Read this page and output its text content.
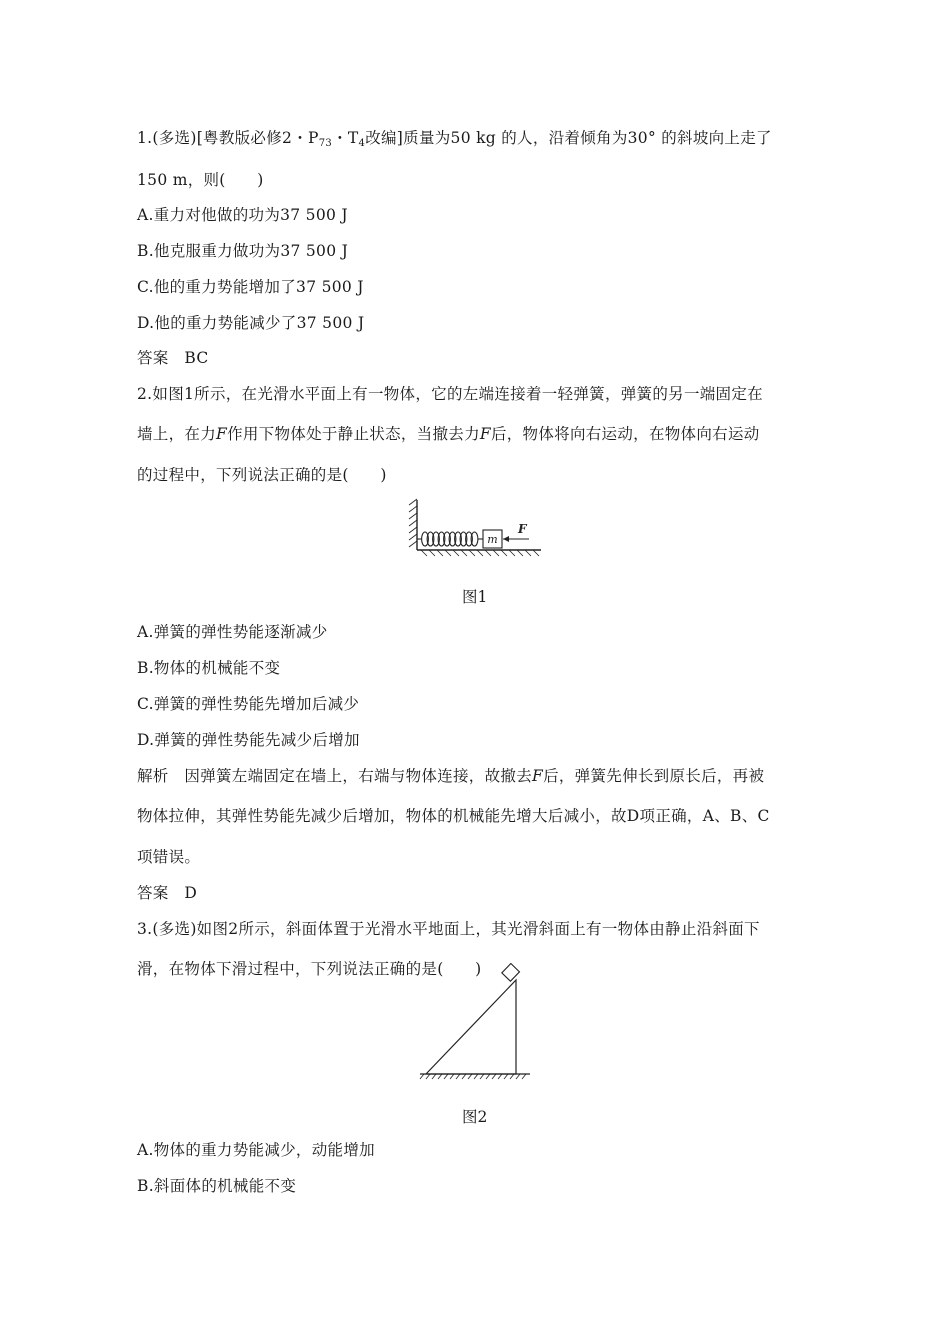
1.(多选)[粤教版必修2・$P_{73}$・$T_4$改编]质量为50 kg 的人，沿着倾角为30° 的斜坡向上走了
150 m，则(　　)
A.重力对他做的功为37 500 J
B.他克服重力做功为37 500 J
C.他的重力势能增加了37 500 J
D.他的重力势能减少了37 500 J
答案　BC
2.如图1所示，在光滑水平面上有一物体，它的左端连接着一轻弹簧，弹簧的另一端固定在
墙上，在力F作用下物体处于静止状态，当撤去力F后，物体将向右运动，在物体向右运动
的过程中，下列说法正确的是(　　)
m
F
图1
A.弹簧的弹性势能逐渐减少
B.物体的机械能不变
C.弹簧的弹性势能先增加后减少
D.弹簧的弹性势能先减少后增加
解析　因弹簧左端固定在墙上，右端与物体连接，故撤去F后，弹簧先伸长到原长后，再被
物体拉伸，其弹性势能先减少后增加，物体的机械能先增大后减小，故D项正确，A、B、C
项错误。
答案　D
3.(多选)如图2所示，斜面体置于光滑水平地面上，其光滑斜面上有一物体由静止沿斜面下
滑，在物体下滑过程中，下列说法正确的是(　　)
图2
A.物体的重力势能减少，动能增加
B.斜面体的机械能不变
